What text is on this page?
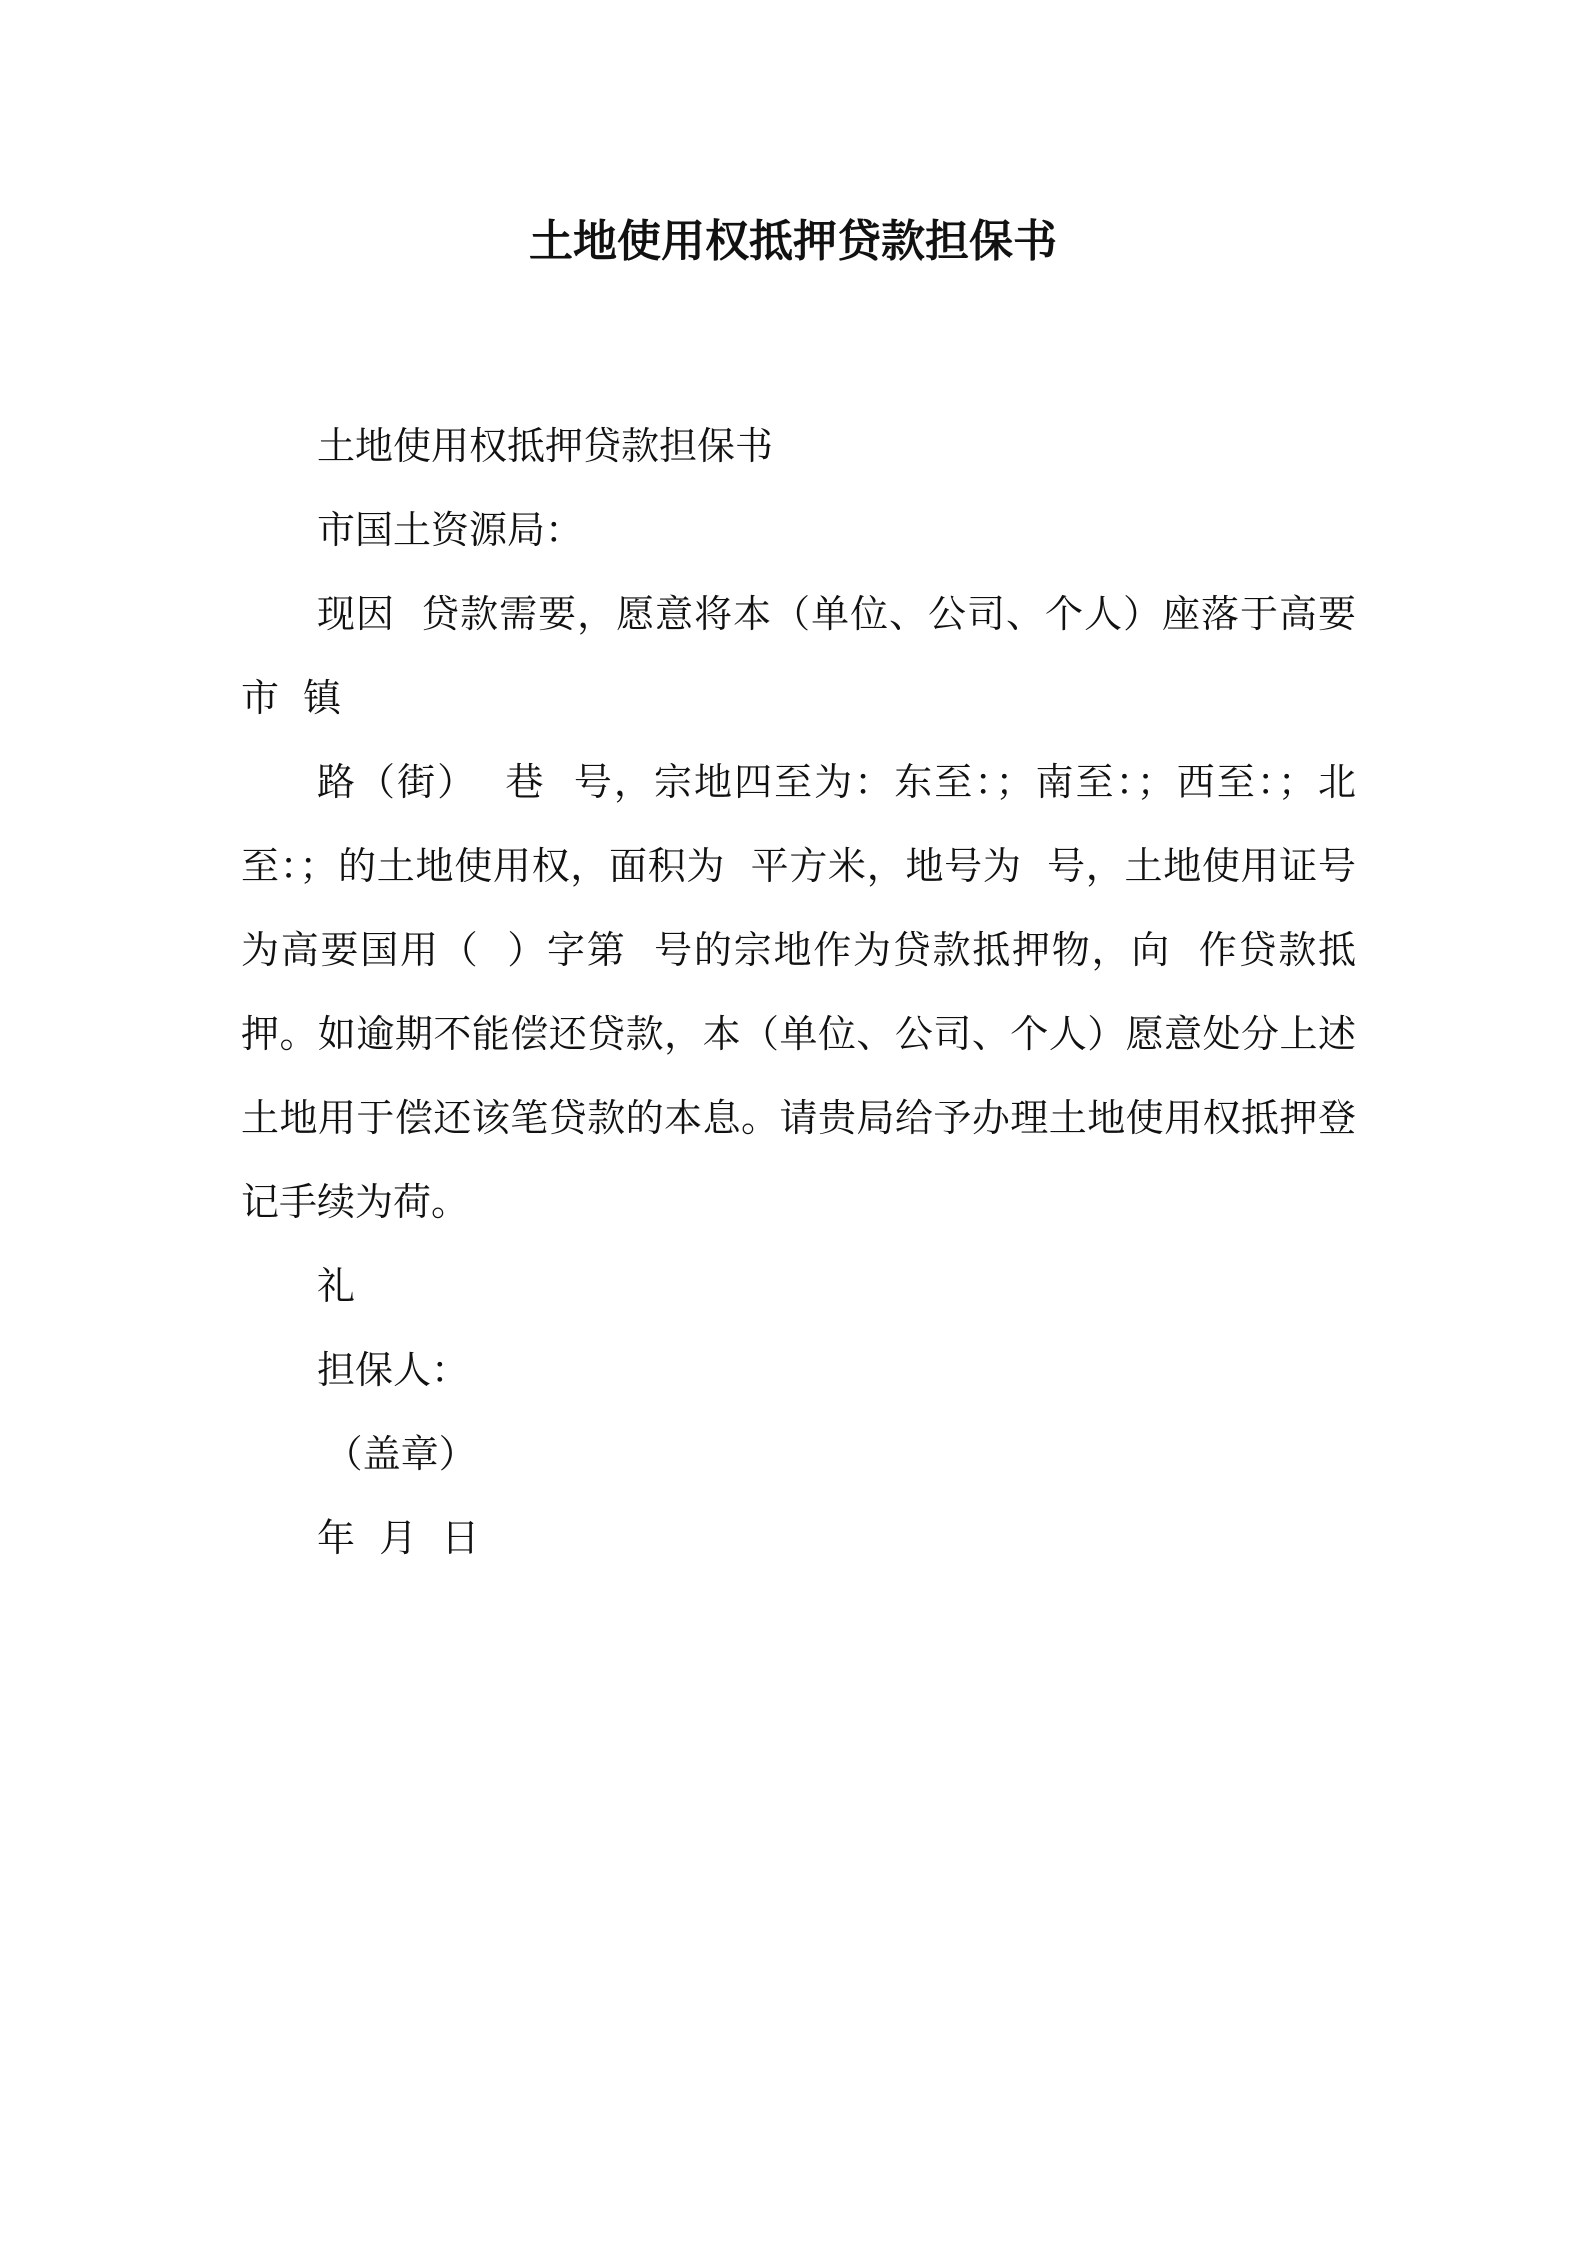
土地使用权抵押贷款担保书

土地使用权抵押贷款担保书

市国土资源局：

现因  贷款需要，愿意将本（单位、公司、个人）座落于高要市  镇

路（街）  巷  号，宗地四至为：东至：；南至：；西至：；北至：；的土地使用权，面积为  平方米，地号为  号，土地使用证号为高要国用（  ）字第  号的宗地作为贷款抵押物，向  作贷款抵押。如逾期不能偿还贷款，本（单位、公司、个人）愿意处分上述土地用于偿还该笔贷款的本息。请贵局给予办理土地使用权抵押登记手续为荷。

礼

担保人：

（盖章）

年  月  日
